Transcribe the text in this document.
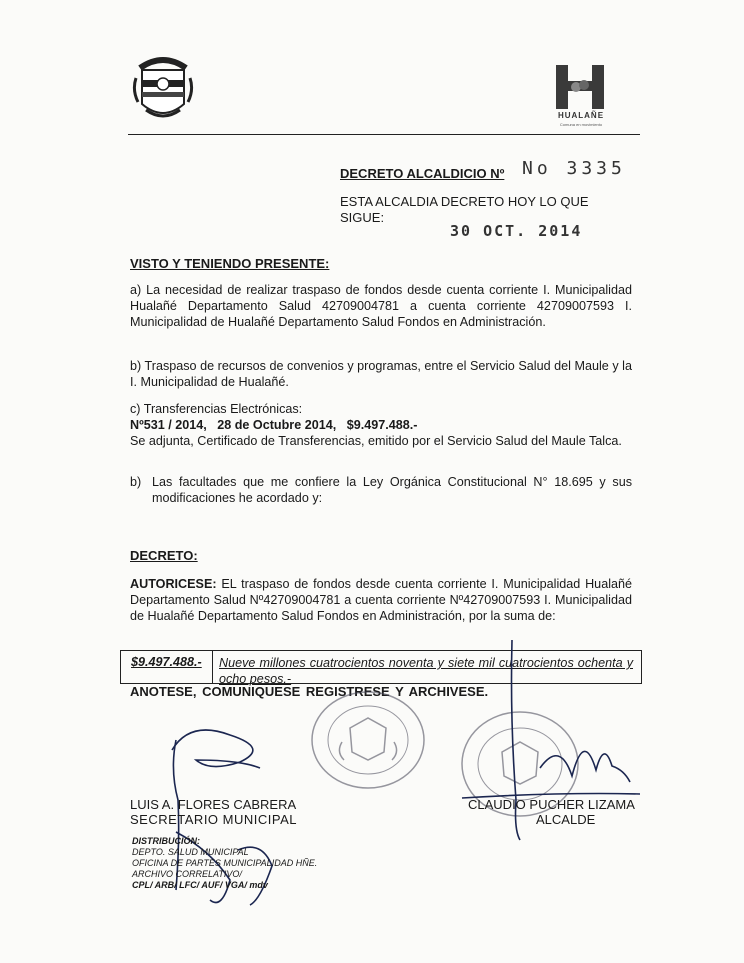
HUALAÑE
Comuna en movimiento
DECRETO ALCALDICIO Nº No 3335
ESTA ALCALDIA DECRETO HOY LO QUE SIGUE:
30 OCT. 2014
VISTO Y TENIENDO PRESENTE:
a) La necesidad de realizar traspaso de fondos desde cuenta corriente I. Municipalidad Hualañé Departamento Salud 42709004781 a cuenta corriente 42709007593 I. Municipalidad de Hualañé Departamento Salud Fondos en Administración.
b) Traspaso de recursos de convenios y programas, entre el Servicio Salud del Maule y la I. Municipalidad de Hualañé.
c) Transferencias Electrónicas:
Nº531 / 2014,   28 de Octubre 2014,   $9.497.488.-
Se adjunta, Certificado de Transferencias, emitido por el Servicio Salud del Maule Talca.
b) Las facultades que me confiere la Ley Orgánica Constitucional N° 18.695 y sus modificaciones he acordado y:
DECRETO:
AUTORICESE: EL traspaso de fondos desde cuenta corriente I. Municipalidad Hualañé Departamento Salud Nº42709004781 a cuenta corriente Nº42709007593 I. Municipalidad de Hualañé Departamento Salud Fondos en Administración, por la suma de:
$9.497.488.- Nueve millones cuatrocientos noventa y siete mil cuatrocientos ochenta y ocho pesos.-
ANOTESE, COMUNIQUESE REGISTRESE Y ARCHIVESE.
LUIS A. FLORES CABRERA
SECRETARIO MUNICIPAL
CLAUDIO PUCHER LIZAMA
ALCALDE
DISTRIBUCIÓN:
DEPTO. SALUD MUNICIPAL
OFICINA DE PARTES MUNICIPALIDAD HÑE.
ARCHIVO CORRELATIVO/
CPL/ ARB/ LFC/ AUF/ VGA/ mdv
